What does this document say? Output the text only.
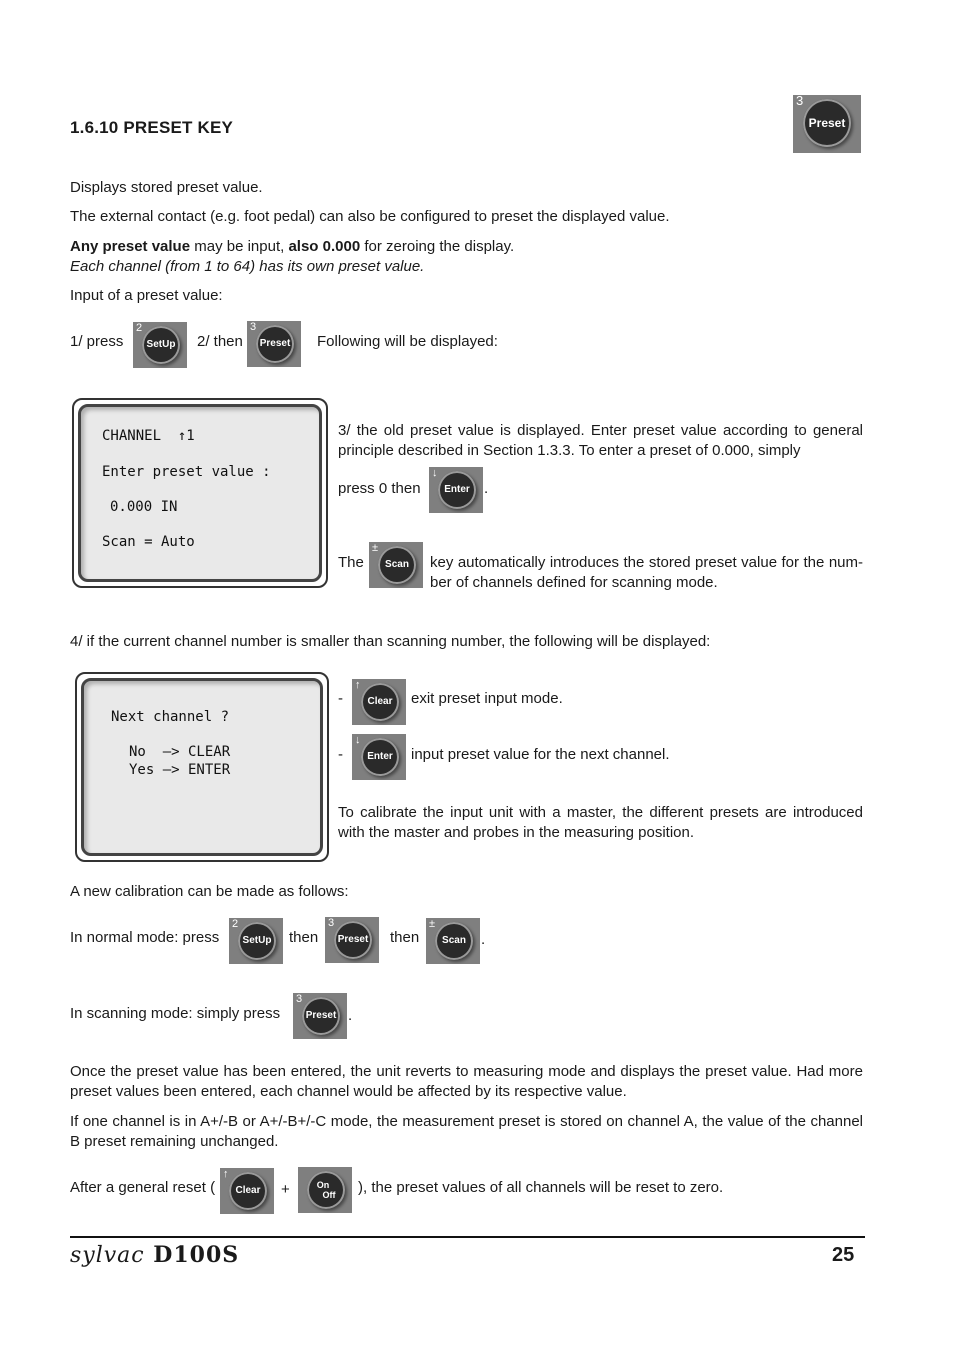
1.6.10 PRESET KEY
3
Preset
Displays stored preset value.
The external contact (e.g. foot pedal) can also be configured to preset the displayed value.
Any preset value may be input, also 0.000 for zeroing the display.
Each channel (from 1 to 64) has its own preset value.
Input of a preset value:
1/ press
2
SetUp 2/ then
3
Preset Following will be displayed:
CHANNEL ↑1
Enter preset value :
0.000 IN
Scan = Auto
3/ the old preset value is displayed. Enter preset value according to general principle described in Section 1.3.3. To enter a preset of 0.000, simply
press 0 then
↓
Enter .
The
±
Scan key automatically introduces the stored preset value for the num-ber of channels defined for scanning mode.
4/ if the current channel number is smaller than scanning number, the following will be displayed:
Next channel ?
No  —> CLEAR
Yes —> ENTER
-
↑
Clear exit preset input mode.
-
↓
Enter input preset value for the next channel.
To calibrate the input unit with a master, the different presets are introduced with the master and probes in the measuring position.
A new calibration can be made as follows:
In normal mode: press
2
SetUp then
3
Preset then
±
Scan .
In scanning mode: simply press
3
Preset .
Once the preset value has been entered, the unit reverts to measuring mode and displays the preset value. Had more preset values been entered, each channel would be affected by its respective value.
If one channel is in A+/-B or A+/-B+/-C mode, the measurement preset is stored on channel A, the value of the channel B preset remaining unchanged.
After a general reset (
↑
Clear +	On
Off ), the preset values of all channels will be reset to zero.
sylvac D100S	25
